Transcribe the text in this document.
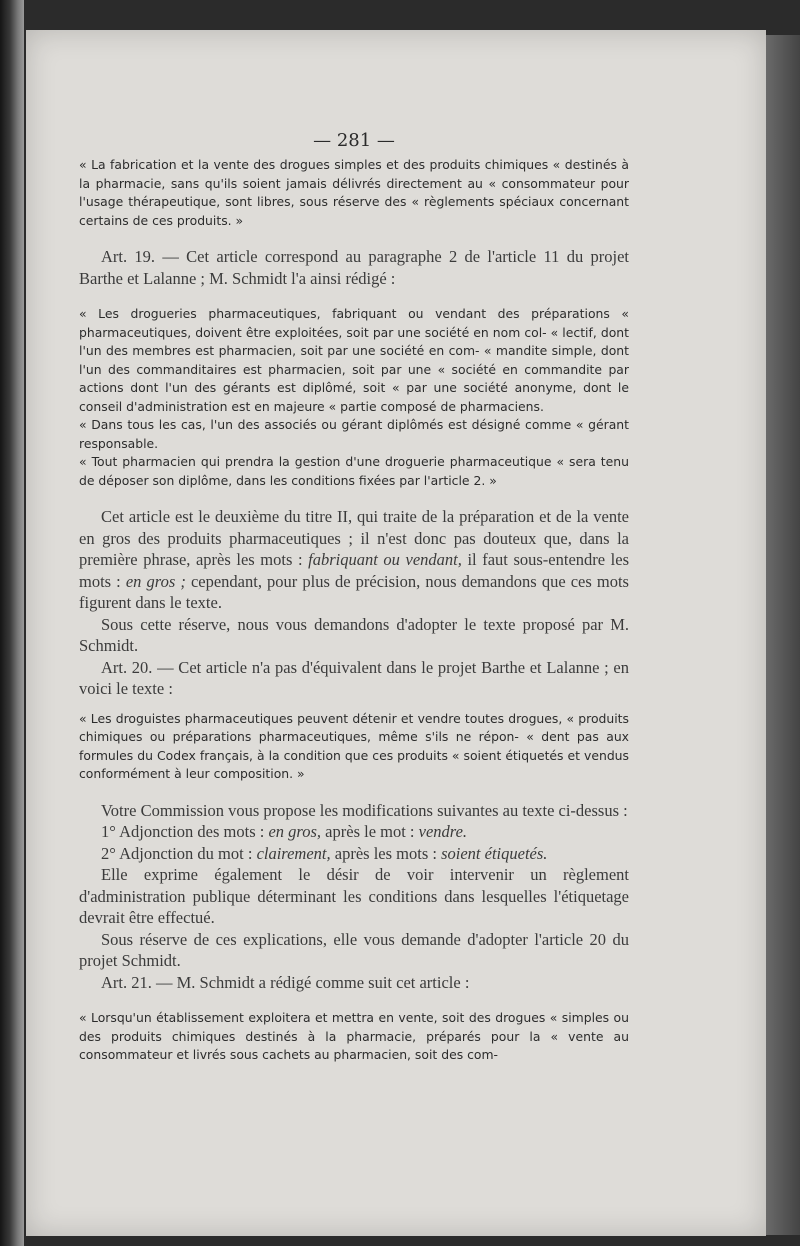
— 281 —

« La fabrication et la vente des drogues simples et des produits chimiques « destinés à la pharmacie, sans qu'ils soient jamais délivrés directement au « consommateur pour l'usage thérapeutique, sont libres, sous réserve des « règlements spéciaux concernant certains de ces produits. »

Art. 19. — Cet article correspond au paragraphe 2 de l'article 11 du projet Barthe et Lalanne ; M. Schmidt l'a ainsi rédigé :

« Les drogueries pharmaceutiques, fabriquant ou vendant des préparations « pharmaceutiques, doivent être exploitées, soit par une société en nom col- « lectif, dont l'un des membres est pharmacien, soit par une société en com- « mandite simple, dont l'un des commanditaires est pharmacien, soit par une « société en commandite par actions dont l'un des gérants est diplômé, soit « par une société anonyme, dont le conseil d'administration est en majeure « partie composé de pharmaciens.

« Dans tous les cas, l'un des associés ou gérant diplômés est désigné comme « gérant responsable.

« Tout pharmacien qui prendra la gestion d'une droguerie pharmaceutique « sera tenu de déposer son diplôme, dans les conditions fixées par l'article 2. »

Cet article est le deuxième du titre II, qui traite de la préparation et de la vente en gros des produits pharmaceutiques ; il n'est donc pas douteux que, dans la première phrase, après les mots : fabriquant ou vendant, il faut sous-entendre les mots : en gros ; cependant, pour plus de précision, nous demandons que ces mots figurent dans le texte.

Sous cette réserve, nous vous demandons d'adopter le texte proposé par M. Schmidt.

Art. 20. — Cet article n'a pas d'équivalent dans le projet Barthe et Lalanne ; en voici le texte :

« Les droguistes pharmaceutiques peuvent détenir et vendre toutes drogues, « produits chimiques ou préparations pharmaceutiques, même s'ils ne répon- « dent pas aux formules du Codex français, à la condition que ces produits « soient étiquetés et vendus conformément à leur composition. »

Votre Commission vous propose les modifications suivantes au texte ci-dessus :

1° Adjonction des mots : en gros, après le mot : vendre.

2° Adjonction du mot : clairement, après les mots : soient étiquetés.

Elle exprime également le désir de voir intervenir un règlement d'administration publique déterminant les conditions dans lesquelles l'étiquetage devrait être effectué.

Sous réserve de ces explications, elle vous demande d'adopter l'article 20 du projet Schmidt.

Art. 21. — M. Schmidt a rédigé comme suit cet article :

« Lorsqu'un établissement exploitera et mettra en vente, soit des drogues « simples ou des produits chimiques destinés à la pharmacie, préparés pour la « vente au consommateur et livrés sous cachets au pharmacien, soit des com-
